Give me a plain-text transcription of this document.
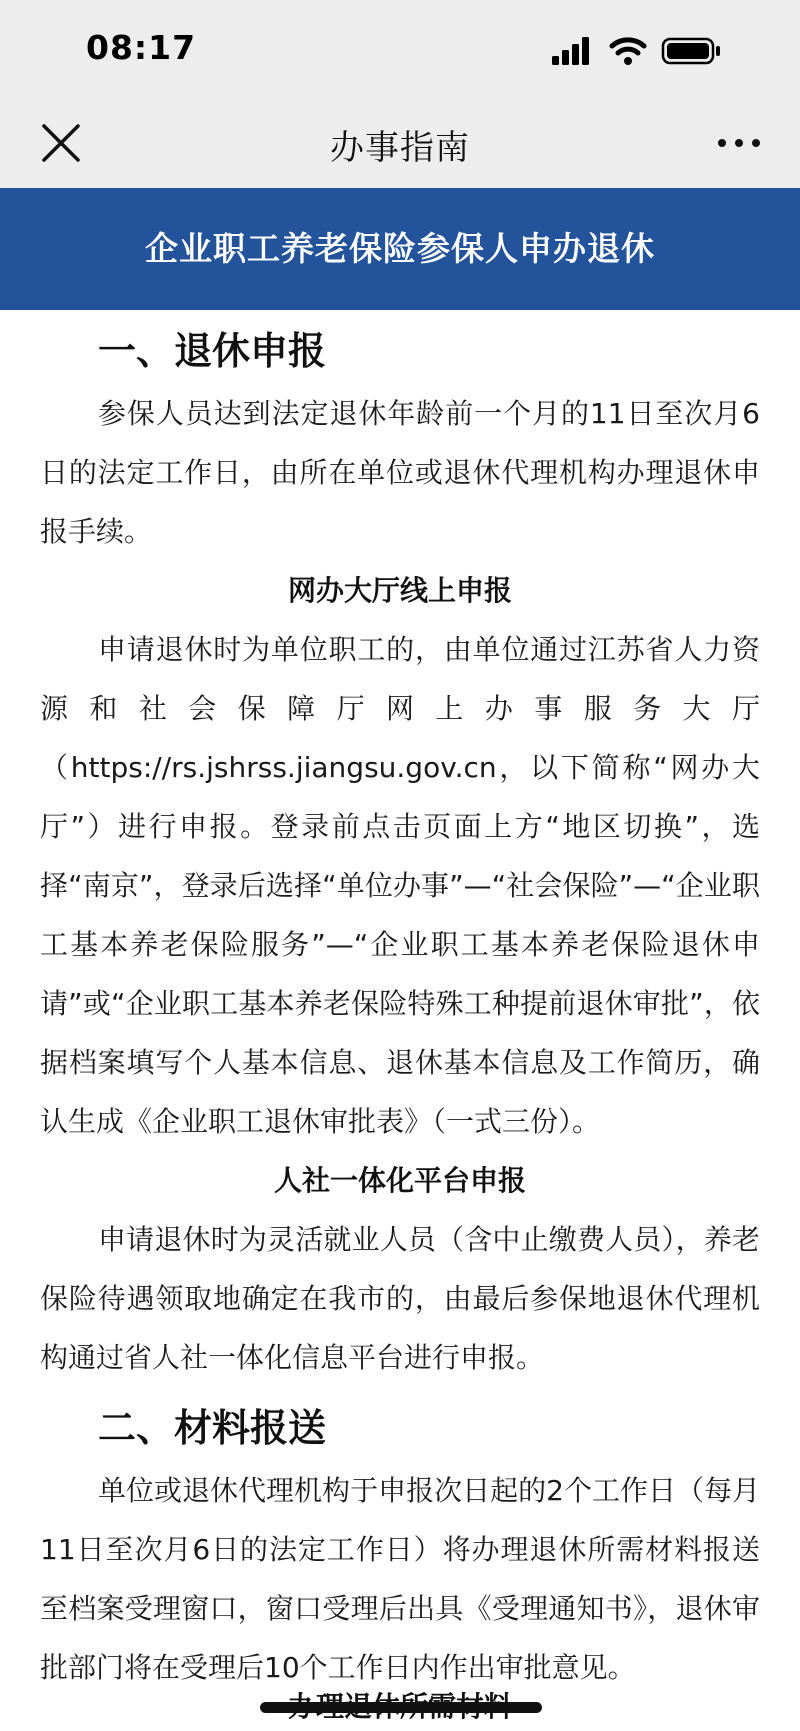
08:17
办事指南
企业职工养老保险参保人申办退休
一、退休申报

参保人员达到法定退休年龄前一个月的11日至次月6日的法定工作日，由所在单位或退休代理机构办理退休申报手续。

网办大厅线上申报

申请退休时为单位职工的，由单位通过江苏省人力资源和社会保障厅网上办事服务大厅

（https://rs.jshrss.jiangsu.gov.cn，以下简称“网办大厅”）进行申报。登录前点击页面上方“地区切换”，选择“南京”，登录后选择“单位办事”—“社会保险”—“企业职工基本养老保险服务”—“企业职工基本养老保险退休申请”或“企业职工基本养老保险特殊工种提前退休审批”，依据档案填写个人基本信息、退休基本信息及工作简历，确认生成《企业职工退休审批表》（一式三份）。

人社一体化平台申报

申请退休时为灵活就业人员（含中止缴费人员），养老保险待遇领取地确定在我市的，由最后参保地退休代理机构通过省人社一体化信息平台进行申报。

二、材料报送

单位或退休代理机构于申报次日起的2个工作日（每月11日至次月6日的法定工作日）将办理退休所需材料报送至档案受理窗口，窗口受理后出具《受理通知书》，退休审批部门将在受理后10个工作日内作出审批意见。
